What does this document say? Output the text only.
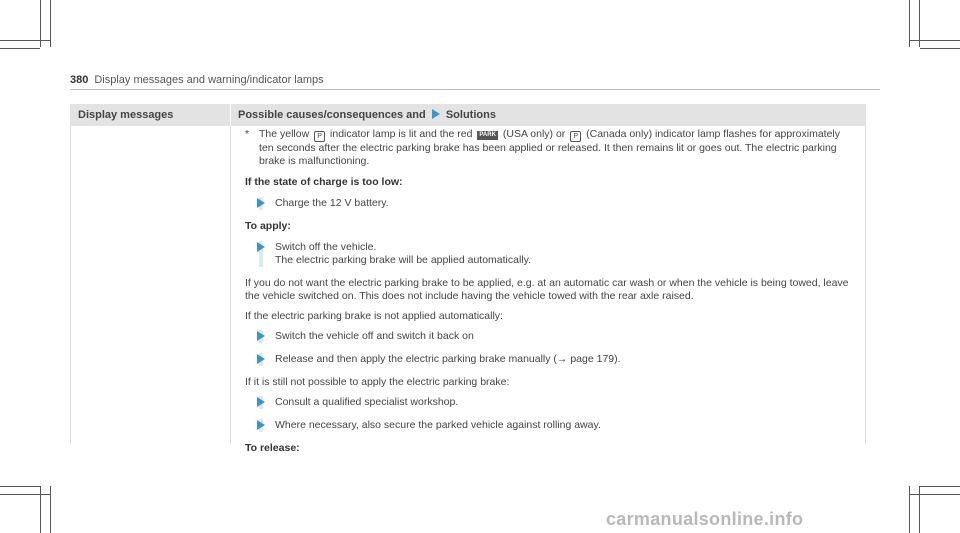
380 Display messages and warning/indicator lamps
Display messages	Possible causes/consequences and Solutions

* The yellow P indicator lamp is lit and the red PARK (USA only) or P (Canada only) indicator lamp flashes for approximately ten seconds after the electric parking brake has been applied or released. It then remains lit or goes out. The electric parking brake is malfunctioning.

If the state of charge is too low:

Charge the 12 V battery.

To apply:

Switch off the vehicle.
The electric parking brake will be applied automatically.

If you do not want the electric parking brake to be applied, e.g. at an automatic car wash or when the vehicle is being towed, leave the vehicle switched on. This does not include having the vehicle towed with the rear axle raised.

If the electric parking brake is not applied automatically:

Switch the vehicle off and switch it back on
Release and then apply the electric parking brake manually (→ page 179).

If it is still not possible to apply the electric parking brake:

Consult a qualified specialist workshop.
Where necessary, also secure the parked vehicle against rolling away.

To release:

carmanualsonline.info
